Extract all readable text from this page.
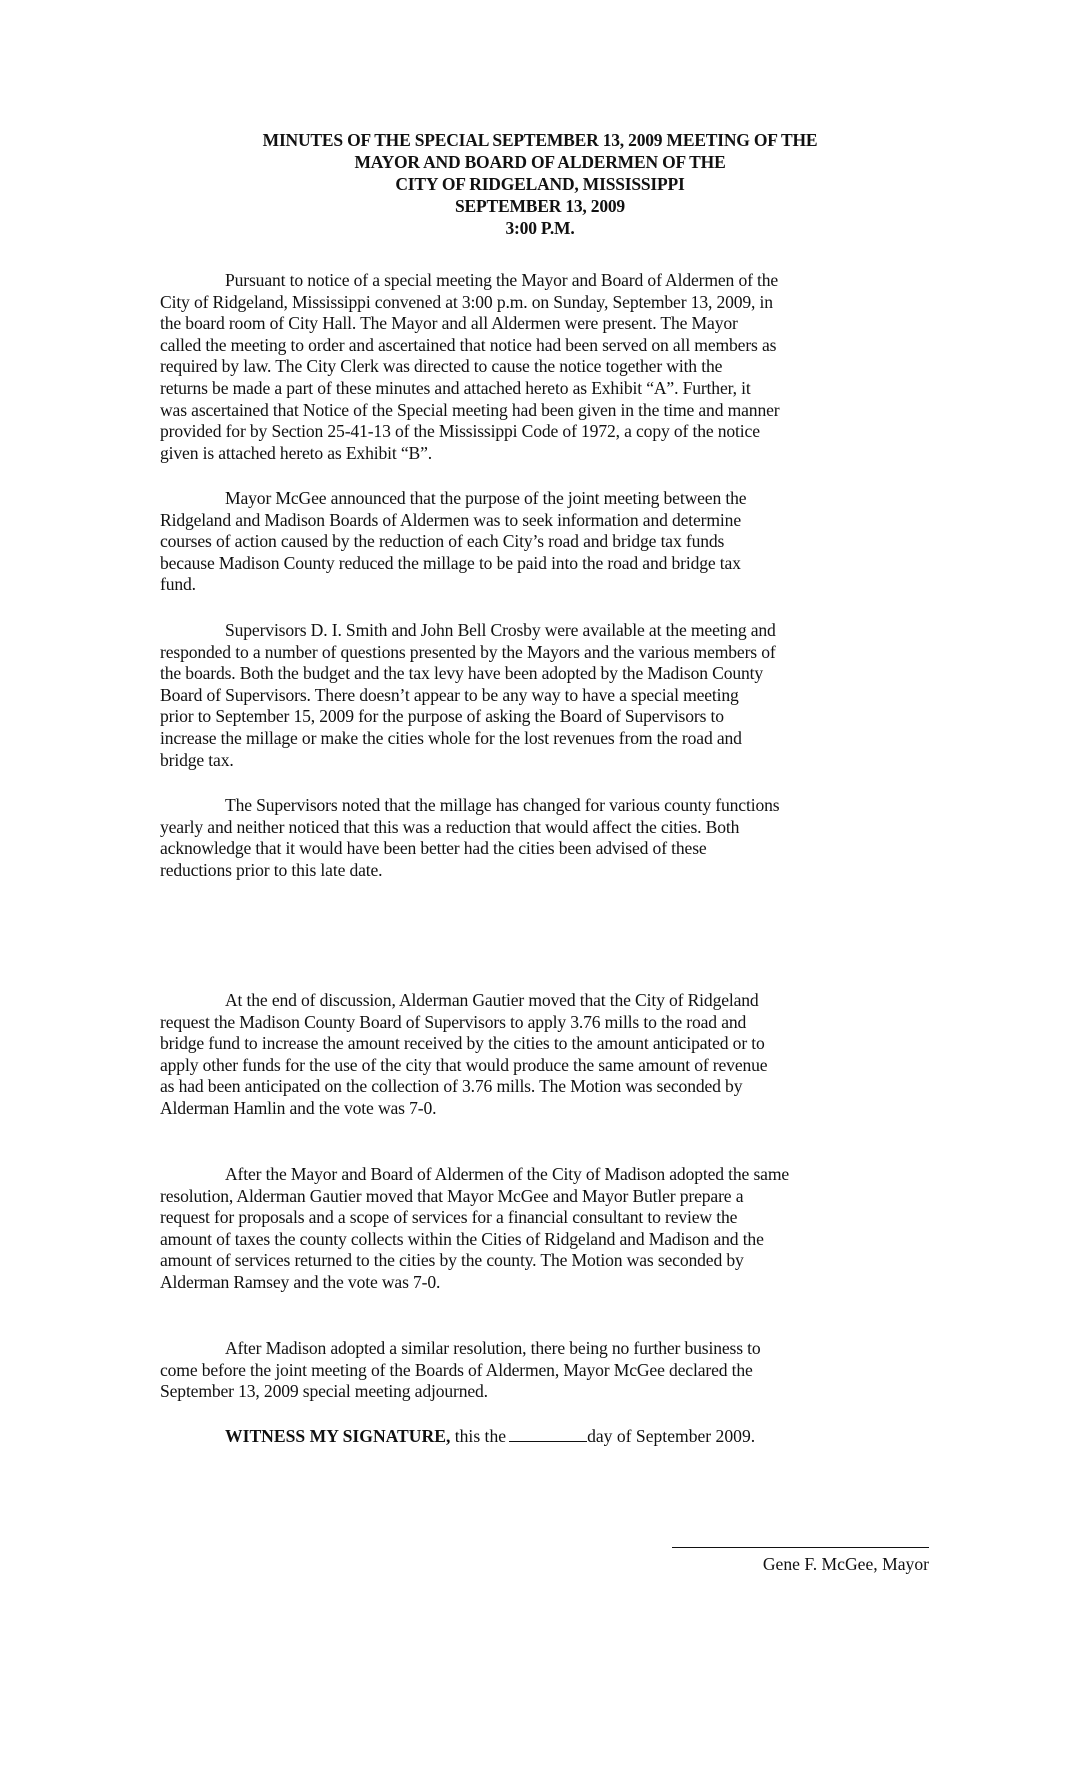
MINUTES OF THE SPECIAL SEPTEMBER 13, 2009 MEETING OF THE
MAYOR AND BOARD OF ALDERMEN OF THE
CITY OF RIDGELAND, MISSISSIPPI
SEPTEMBER 13, 2009
3:00 P.M.
Pursuant to notice of a special meeting the Mayor and Board of Aldermen of the
City of Ridgeland, Mississippi convened at 3:00 p.m. on Sunday, September 13, 2009, in
the board room of City Hall. The Mayor and all Aldermen were present. The Mayor
called the meeting to order and ascertained that notice had been served on all members as
required by law. The City Clerk was directed to cause the notice together with the
returns be made a part of these minutes and attached hereto as Exhibit “A”. Further, it
was ascertained that Notice of the Special meeting had been given in the time and manner
provided for by Section 25-41-13 of the Mississippi Code of 1972, a copy of the notice
given is attached hereto as Exhibit “B”.
Mayor McGee announced that the purpose of the joint meeting between the
Ridgeland and Madison Boards of Aldermen was to seek information and determine
courses of action caused by the reduction of each City’s road and bridge tax funds
because Madison County reduced the millage to be paid into the road and bridge tax
fund.
Supervisors D. I. Smith and John Bell Crosby were available at the meeting and
responded to a number of questions presented by the Mayors and the various members of
the boards. Both the budget and the tax levy have been adopted by the Madison County
Board of Supervisors. There doesn’t appear to be any way to have a special meeting
prior to September 15, 2009 for the purpose of asking the Board of Supervisors to
increase the millage or make the cities whole for the lost revenues from the road and
bridge tax.
The Supervisors noted that the millage has changed for various county functions
yearly and neither noticed that this was a reduction that would affect the cities. Both
acknowledge that it would have been better had the cities been advised of these
reductions prior to this late date.
At the end of discussion, Alderman Gautier moved that the City of Ridgeland
request the Madison County Board of Supervisors to apply 3.76 mills to the road and
bridge fund to increase the amount received by the cities to the amount anticipated or to
apply other funds for the use of the city that would produce the same amount of revenue
as had been anticipated on the collection of 3.76 mills. The Motion was seconded by
Alderman Hamlin and the vote was 7-0.
After the Mayor and Board of Aldermen of the City of Madison adopted the same
resolution, Alderman Gautier moved that Mayor McGee and Mayor Butler prepare a
request for proposals and a scope of services for a financial consultant to review the
amount of taxes the county collects within the Cities of Ridgeland and Madison and the
amount of services returned to the cities by the county. The Motion was seconded by
Alderman Ramsey and the vote was 7-0.
After Madison adopted a similar resolution, there being no further business to
come before the joint meeting of the Boards of Aldermen, Mayor McGee declared the
September 13, 2009 special meeting adjourned.
WITNESS MY SIGNATURE, this the	day of September 2009.
Gene F. McGee, Mayor
